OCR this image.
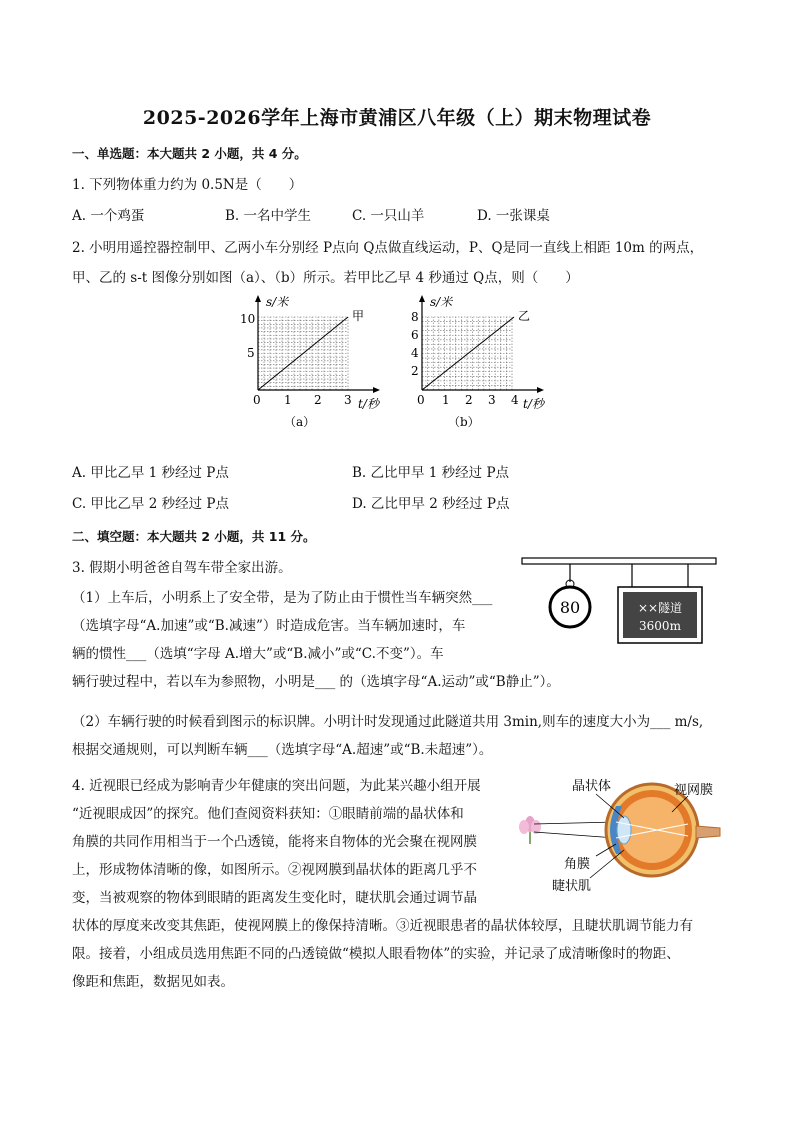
2025-2026学年上海市黄浦区八年级（上）期末物理试卷
一、单选题：本大题共 2 小题，共 4 分。
1. 下列物体重力约为 0.5N是（　　）
A. 一个鸡蛋	B. 一名中学生	C. 一只山羊	D. 一张课桌
2. 小明用遥控器控制甲、乙两小车分别经 P点向 Q点做直线运动，P、Q是同一直线上相距 10m 的两点，
甲、乙的 s-t 图像分别如图（a）、（b）所示。若甲比乙早 4 秒通过 Q点，则（　　）
s/米
甲
10
5
0 1 2 3 t/秒
（a）
s/米
乙
8
6
4
2
0 1 2 3 4 t/秒
（b）
A. 甲比乙早 1 秒经过 P点	B. 乙比甲早 1 秒经过 P点
C. 甲比乙早 2 秒经过 P点	D. 乙比甲早 2 秒经过 P点
二、填空题：本大题共 2 小题，共 11 分。
3. 假期小明爸爸自驾车带全家出游。
80	××隧道
3600m
（1）上车后，小明系上了安全带，是为了防止由于惯性当车辆突然___
（选填字母“A.加速”或“B.减速”）时造成危害。当车辆加速时，车
辆的惯性___（选填“字母 A.增大”或“B.减小”或“C.不变”）。车
辆行驶过程中，若以车为参照物，小明是___ 的（选填字母“A.运动”或“B静止”）。
（2）车辆行驶的时候看到图示的标识牌。小明计时发现通过此隧道共用 3min,则车的速度大小为___ m/s,
根据交通规则，可以判断车辆___（选填字母“A.超速”或“B.未超速”）。
晶状体	视网膜
角膜
睫状肌
4. 近视眼已经成为影响青少年健康的突出问题，为此某兴趣小组开展
“近视眼成因”的探究。他们查阅资料获知：①眼睛前端的晶状体和
角膜的共同作用相当于一个凸透镜，能将来自物体的光会聚在视网膜
上，形成物体清晰的像，如图所示。②视网膜到晶状体的距离几乎不
变，当被观察的物体到眼睛的距离发生变化时，睫状肌会通过调节晶
状体的厚度来改变其焦距，使视网膜上的像保持清晰。③近视眼患者的晶状体较厚，且睫状肌调节能力有
限。接着，小组成员选用焦距不同的凸透镜做“模拟人眼看物体”的实验，并记录了成清晰像时的物距、
像距和焦距，数据见如表。
